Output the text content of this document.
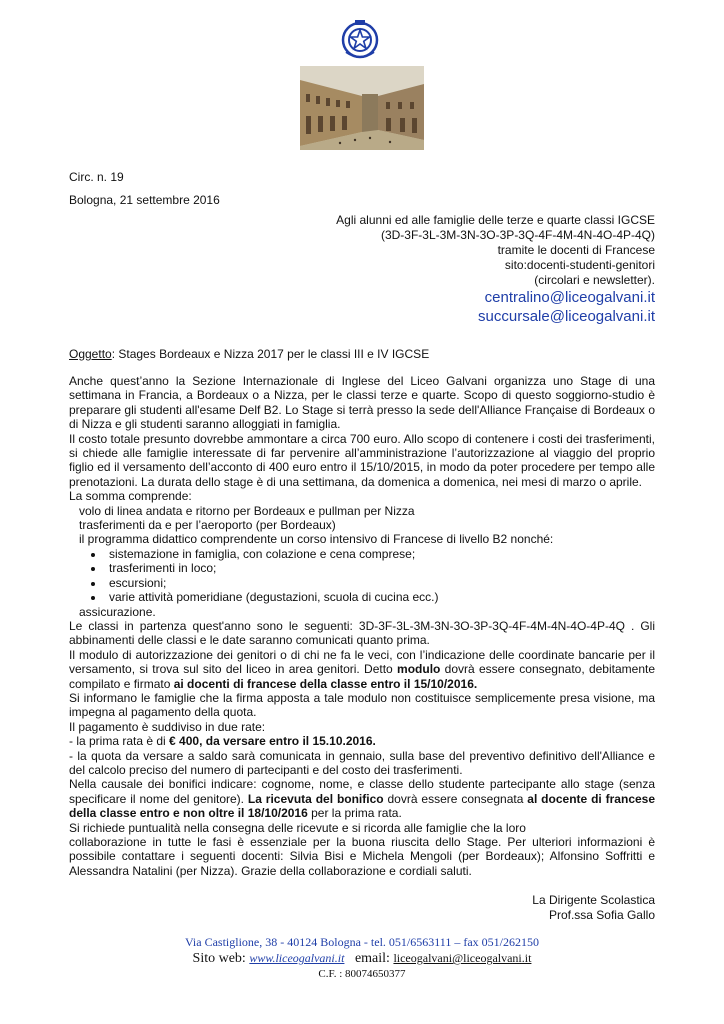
Circ. n. 19
Bologna, 21 settembre 2016
Agli alunni ed alle famiglie delle terze e quarte classi IGCSE
(3D-3F-3L-3M-3N-3O-3P-3Q-4F-4M-4N-4O-4P-4Q)
tramite le docenti di Francese
sito:docenti-studenti-genitori
(circolari e newsletter).
centralino@liceogalvani.it
succursale@liceogalvani.it
Oggetto: Stages Bordeaux e Nizza 2017 per le classi III e IV IGCSE

Anche quest’anno la Sezione Internazionale di Inglese del Liceo Galvani organizza uno Stage di una settimana in Francia, a Bordeaux o a Nizza, per le classi terze e quarte. Scopo di questo soggiorno-studio è preparare gli studenti all'esame Delf B2. Lo Stage si terrà presso la sede dell'Alliance Française di Bordeaux o di Nizza e gli studenti saranno alloggiati in famiglia.

Il costo totale presunto dovrebbe ammontare a circa 700 euro. Allo scopo di contenere i costi dei trasferimenti, si chiede alle famiglie interessate di far pervenire all’amministrazione l’autorizzazione al viaggio del proprio figlio ed il versamento dell’acconto di 400 euro entro il 15/10/2015, in modo da poter procedere per tempo alle prenotazioni. La durata dello stage è di una settimana, da domenica a domenica, nei mesi di marzo o aprile.

La somma comprende:

volo di linea andata e ritorno per Bordeaux e pullman per Nizza

trasferimenti da e per l’aeroporto (per Bordeaux)

il programma didattico comprendente un corso intensivo di Francese di livello B2 nonché:

• sistemazione in famiglia, con colazione e cena comprese;
• trasferimenti in loco;
• escursioni;
• varie attività pomeridiane (degustazioni, scuola di cucina ecc.)

assicurazione.

Le classi in partenza quest'anno sono le seguenti: 3D-3F-3L-3M-3N-3O-3P-3Q-4F-4M-4N-4O-4P-4Q . Gli abbinamenti delle classi e le date saranno comunicati quanto prima.

Il modulo di autorizzazione dei genitori o di chi ne fa le veci, con l’indicazione delle coordinate bancarie per il versamento, si trova sul sito del liceo in area genitori. Detto modulo dovrà essere consegnato, debitamente compilato e firmato ai docenti di francese della classe entro il 15/10/2016.

Si informano le famiglie che la firma apposta a tale modulo non costituisce semplicemente presa visione, ma impegna al pagamento della quota.

Il pagamento è suddiviso in due rate:

- la prima rata è di € 400, da versare entro il 15.10.2016.

- la quota da versare a saldo sarà comunicata in gennaio, sulla base del preventivo definitivo dell'Alliance e del calcolo preciso del numero di partecipanti e del costo dei trasferimenti.

Nella causale dei bonifici indicare: cognome, nome, e classe dello studente partecipante allo stage (senza specificare il nome del genitore). La ricevuta del bonifico dovrà essere consegnata al docente di francese della classe entro e non oltre il 18/10/2016 per la prima rata.

Si richiede puntualità nella consegna delle ricevute e si ricorda alle famiglie che la loro

collaborazione in tutte le fasi è essenziale per la buona riuscita dello Stage. Per ulteriori informazioni è possibile contattare i seguenti docenti: Silvia Bisi e Michela Mengoli (per Bordeaux); Alfonsino Soffritti e Alessandra Natalini (per Nizza). Grazie della collaborazione e cordiali saluti.

La Dirigente Scolastica
Prof.ssa Sofia Gallo
Via Castiglione, 38 - 40124 Bologna - tel. 051/6563111 – fax 051/262150
Sito web: www.liceogalvani.it   email: liceogalvani@liceogalvani.it
C.F. : 80074650377
